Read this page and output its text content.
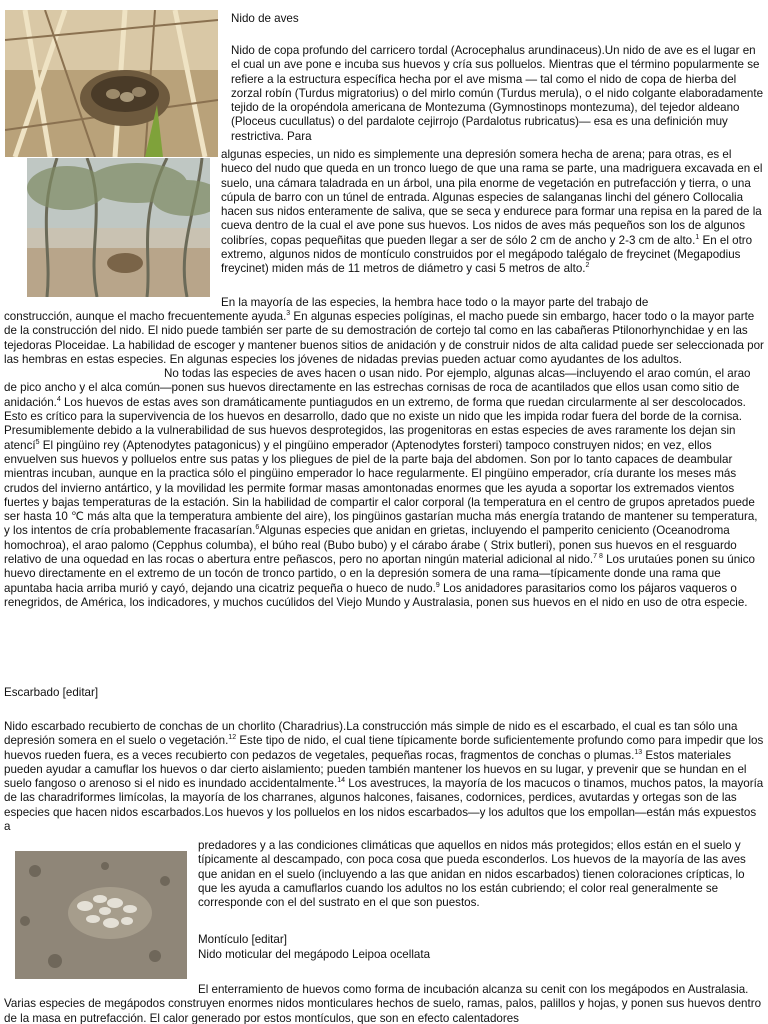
Nido de aves

Nido de copa profundo del carricero tordal (Acrocephalus arundinaceus).Un nido de ave es el lugar en el cual un ave pone e incuba sus huevos y cría sus polluelos. Mientras que el término popularmente se refiere a la estructura específica hecha por el ave misma — tal como el nido de copa de hierba del zorzal robín (Turdus migratorius) o del mirlo común (Turdus merula), o el nido colgante elaboradamente tejido de la oropéndola americana de Montezuma (Gymnostinops montezuma), del tejedor aldeano (Ploceus cucullatus) o del pardalote cejirrojo (Pardalotus rubricatus)— esa es una definición muy restrictiva. Para

algunas especies, un nido es simplemente una depresión somera hecha de arena; para otras, es el hueco del nudo que queda en un tronco luego de que una rama se parte, una madriguera excavada en el suelo, una cámara taladrada en un árbol, una pila enorme de vegetación en putrefacción y tierra, o una cúpula de barro con un túnel de entrada. Algunas especies de salanganas linchi del género Collocalia hacen sus nidos enteramente de saliva, que se seca y endurece para formar una repisa en la pared de la cueva dentro de la cual el ave pone sus huevos. Los nidos de aves más pequeños son los de algunos colibríes, copas pequeñitas que pueden llegar a ser de sólo 2 cm de ancho y 2-3 cm de alto.$^1$ En el otro extremo, algunos nidos de montículo construidos por el megápodo talégalo de freycinet (Megapodius freycinet) miden más de 11 metros de diámetro y casi 5 metros de alto.$^2$

En la mayoría de las especies, la hembra hace todo o la mayor parte del trabajo de

construcción, aunque el macho frecuentemente ayuda.$^3$ En algunas especies políginas, el macho puede sin embargo, hacer todo o la mayor parte de la construcción del nido. El nido puede también ser parte de su demostración de cortejo tal como en las cabañeras Ptilonorhynchidae y en las tejedoras Ploceidae. La habilidad de escoger y mantener buenos sitios de anidación y de construir nidos de alta calidad puede ser seleccionada por las hembras en estas especies. En algunas especies los jóvenes de nidadas previas pueden actuar como ayudantes de los adultos.No todas las especies de aves hacen o usan nido. Por ejemplo, algunas alcas—incluyendo el arao común, el arao de pico ancho y el alca común—ponen sus huevos directamente en las estrechas cornisas de roca de acantilados que ellos usan como sitio de anidación.$^4$ Los huevos de estas aves son dramáticamente puntiagudos en un extremo, de forma que ruedan circularmente al ser descolocados. Esto es crítico para la supervivencia de los huevos en desarrollo, dado que no existe un nido que les impida rodar fuera del borde de la cornisa. Presumiblemente debido a la vulnerabilidad de sus huevos desprotegidos, las progenitoras en estas especies de aves raramente los dejan sin atencí$^5$ El pingüino rey (Aptenodytes patagonicus) y el pingüino emperador (Aptenodytes forsteri) tampoco construyen nidos; en vez, ellos envuelven sus huevos y polluelos entre sus patas y los pliegues de piel de la parte baja del abdomen. Son por lo tanto capaces de deambular mientras incuban, aunque en la practica sólo el pingüino emperador lo hace regularmente. El pingüino emperador, cría durante los meses más crudos del invierno antártico, y la movilidad les permite formar masas amontonadas enormes que les ayuda a soportar los extremados vientos fuertes y bajas temperaturas de la estación. Sin la habilidad de compartir el calor corporal (la temperatura en el centro de grupos apretados puede ser hasta 10 ℃ más alta que la temperatura ambiente del aire), los pingüinos gastarían mucha más energía tratando de mantener su temperatura, y los intentos de cría probablemente fracasarían.$^6$Algunas especies que anidan en grietas, incluyendo el pamperito ceniciento (Oceanodroma homochroa), el arao palomo (Cepphus columba), el búho real (Bubo bubo) y el cárabo árabe ( Strix butleri), ponen sus huevos en el resguardo relativo de una oquedad en las rocas o abertura entre peñascos, pero no aportan ningún material adicional al nido.$^{7 8}$ Los urutaúes ponen su único huevo directamente en el extremo de un tocón de tronco partido, o en la depresión somera de una rama—típicamente donde una rama que apuntaba hacia arriba murió y cayó, dejando una cicatriz pequeña o hueco de nudo.$^9$ Los anidadores parasitarios como los pájaros vaqueros o renegridos, de América, los indicadores, y muchos cucúlidos del Viejo Mundo y Australasia, ponen sus huevos en el nido en uso de otra especie.

Escarbado [editar]

Nido escarbado recubierto de conchas de un chorlito (Charadrius).La construcción más simple de nido es el escarbado, el cual es tan sólo una depresión somera en el suelo o vegetación.$^{12}$ Este tipo de nido, el cual tiene típicamente borde suficientemente profundo como para impedir que los huevos rueden fuera, es a veces recubierto con pedazos de vegetales, pequeñas rocas, fragmentos de conchas o plumas.$^{13}$ Estos materiales pueden ayudar a camuflar los huevos o dar cierto aislamiento; pueden también mantener los huevos en su lugar, y prevenir que se hundan en el suelo fangoso o arenoso si el nido es inundado accidentalmente.$^{14}$ Los avestruces, la mayoría de los macucos o tinamos, muchos patos, la mayoría de las charadriformes limícolas, la mayoría de los charranes, algunos halcones, faisanes, codornices, perdices, avutardas y ortegas son de las especies que hacen nidos escarbados.Los huevos y los polluelos en los nidos escarbados—y los adultos que los empollan—están más expuestos a

predadores y a las condiciones climáticas que aquellos en nidos más protegidos; ellos están en el suelo y típicamente al descampado, con poca cosa que pueda esconderlos. Los huevos de la mayoría de las aves que anidan en el suelo (incluyendo a las que anidan en nidos escarbados) tienen coloraciones crípticas, lo que les ayuda a camuflarlos cuando los adultos no los están cubriendo; el color real generalmente se corresponde con el del sustrato en el que son puestos.

Montículo [editar]

Nido moticular del megápodo Leipoa ocellata

El enterramiento de huevos como forma de incubación alcanza su cenit con los megápodos en Australasia. Varias especies de megápodos construyen enormes nidos monticulares hechos de suelo, ramas, palos, palillos y hojas, y ponen sus huevos dentro de la masa en putrefacción. El calor generado por estos montículos, que son en efecto calentadores
